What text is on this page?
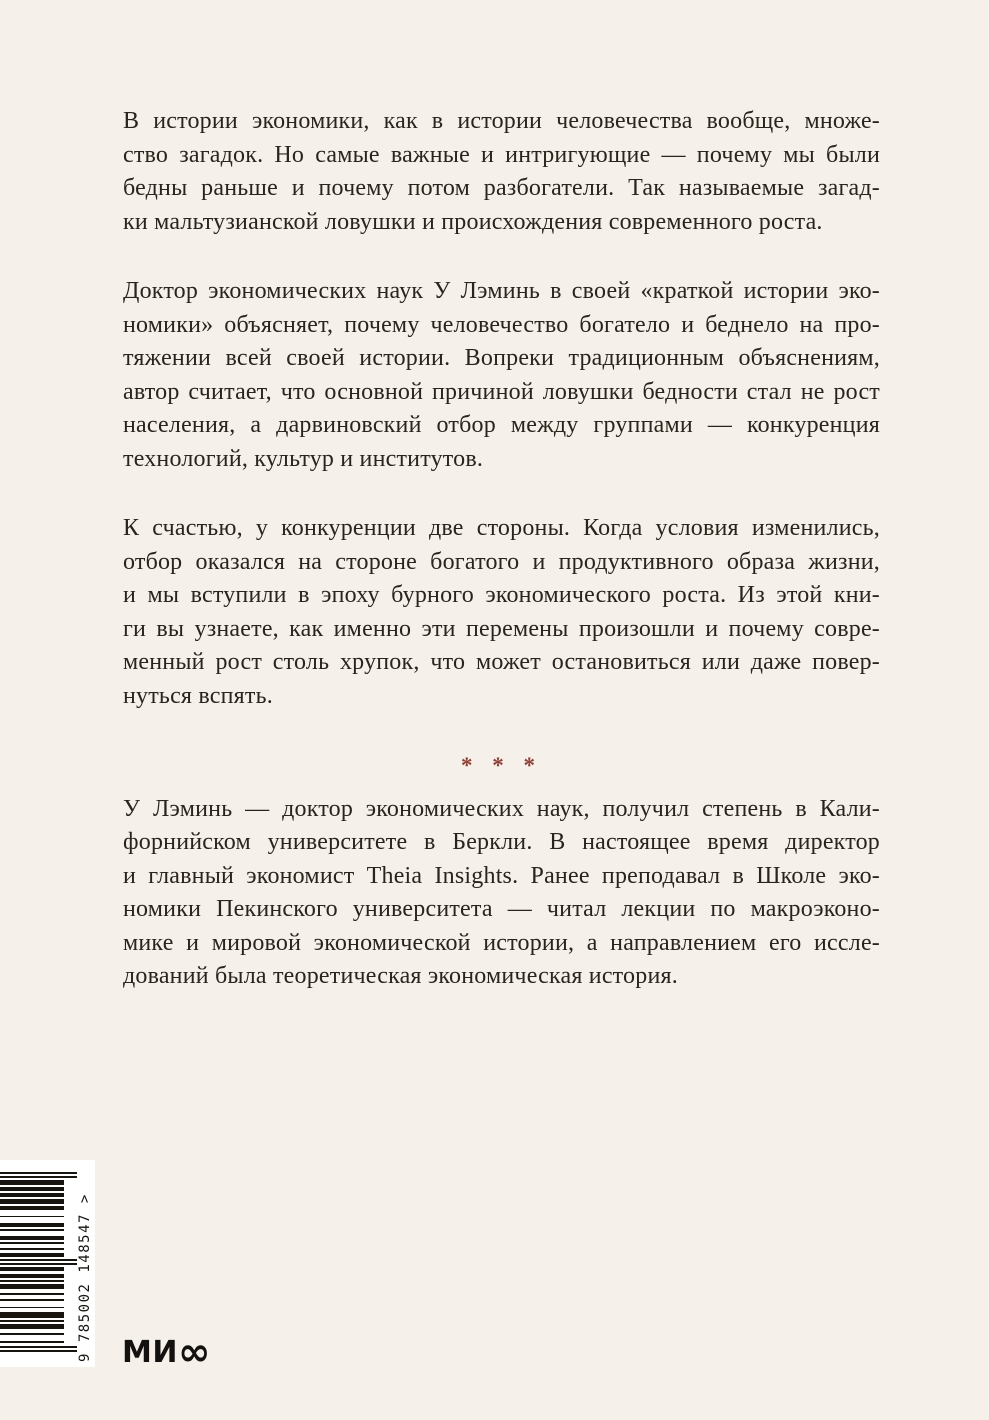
В истории экономики, как в истории человечества вообще, множе-
ство загадок. Но самые важные и интригующие — почему мы были
бедны раньше и почему потом разбогатели. Так называемые загад-
ки мальтузианской ловушки и происхождения современного роста.
Доктор экономических наук У Лэминь в своей «краткой истории эко-
номики» объясняет, почему человечество богатело и беднело на про-
тяжении всей своей истории. Вопреки традиционным объяснениям,
автор считает, что основной причиной ловушки бедности стал не рост
населения, а дарвиновский отбор между группами — конкуренция
технологий, культур и институтов.
К счастью, у конкуренции две стороны. Когда условия изменились,
отбор оказался на стороне богатого и продуктивного образа жизни,
и мы вступили в эпоху бурного экономического роста. Из этой кни-
ги вы узнаете, как именно эти перемены произошли и почему совре-
менный рост столь хрупок, что может остановиться или даже повер-
нуться вспять.
* * *
У Лэминь — доктор экономических наук, получил степень в Кали-
форнийском университете в Беркли. В настоящее время директор
и главный экономист Theia Insights. Ранее преподавал в Школе эко-
номики Пекинского университета — читал лекции по макроэконо-
мике и мировой экономической истории, а направлением его иссле-
дований была теоретическая экономическая история.
9 785002 148547 > МИ∞
